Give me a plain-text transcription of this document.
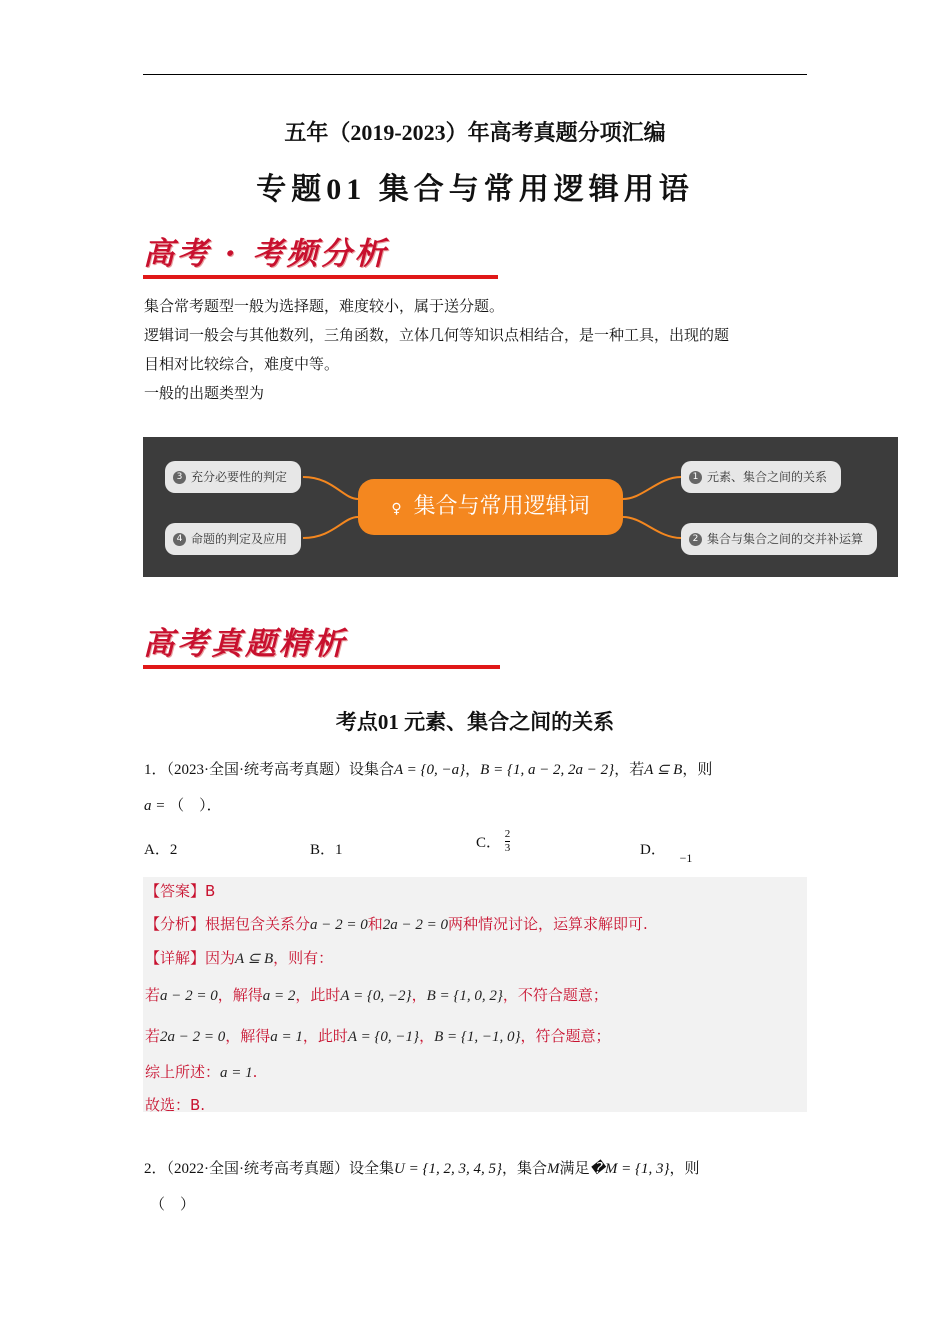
五年（2019-2023）年高考真题分项汇编
专题01 集合与常用逻辑用语
高考 · 考频分析

集合常考题型一般为选择题，难度较小，属于送分题。

逻辑词一般会与其他数列，三角函数，立体几何等知识点相结合，是一种工具，出现的题

目相对比较综合，难度中等。

一般的出题类型为

3 充分必要性的判定
4 命题的判定及应用
♀ 集合与常用逻辑词
1 元素、集合之间的关系
2 集合与集合之间的交并补运算
高考真题精析
考点01 元素、集合之间的关系
1．（2023·全国·统考高考真题）设集合A = {0, −a}，B = {1, a − 2, 2a − 2}，若A ⊆ B，则
a = （　）．
A．2	B．1	C． $\frac{2}{3}$	D． $_{-1}$
【答案】B
【分析】根据包含关系分a − 2 = 0和2a − 2 = 0两种情况讨论，运算求解即可.
【详解】因为A ⊆ B，则有：
若a − 2 = 0，解得a = 2，此时A = {0, −2}，B = {1, 0, 2}，不符合题意；
若2a − 2 = 0，解得a = 1，此时A = {0, −1}，B = {1, −1, 0}，符合题意；
综上所述：a = 1.
故选：B.
2．（2022·全国·统考高考真题）设全集U = {1, 2, 3, 4, 5}，集合M满足�M = {1, 3}，则
（　）
